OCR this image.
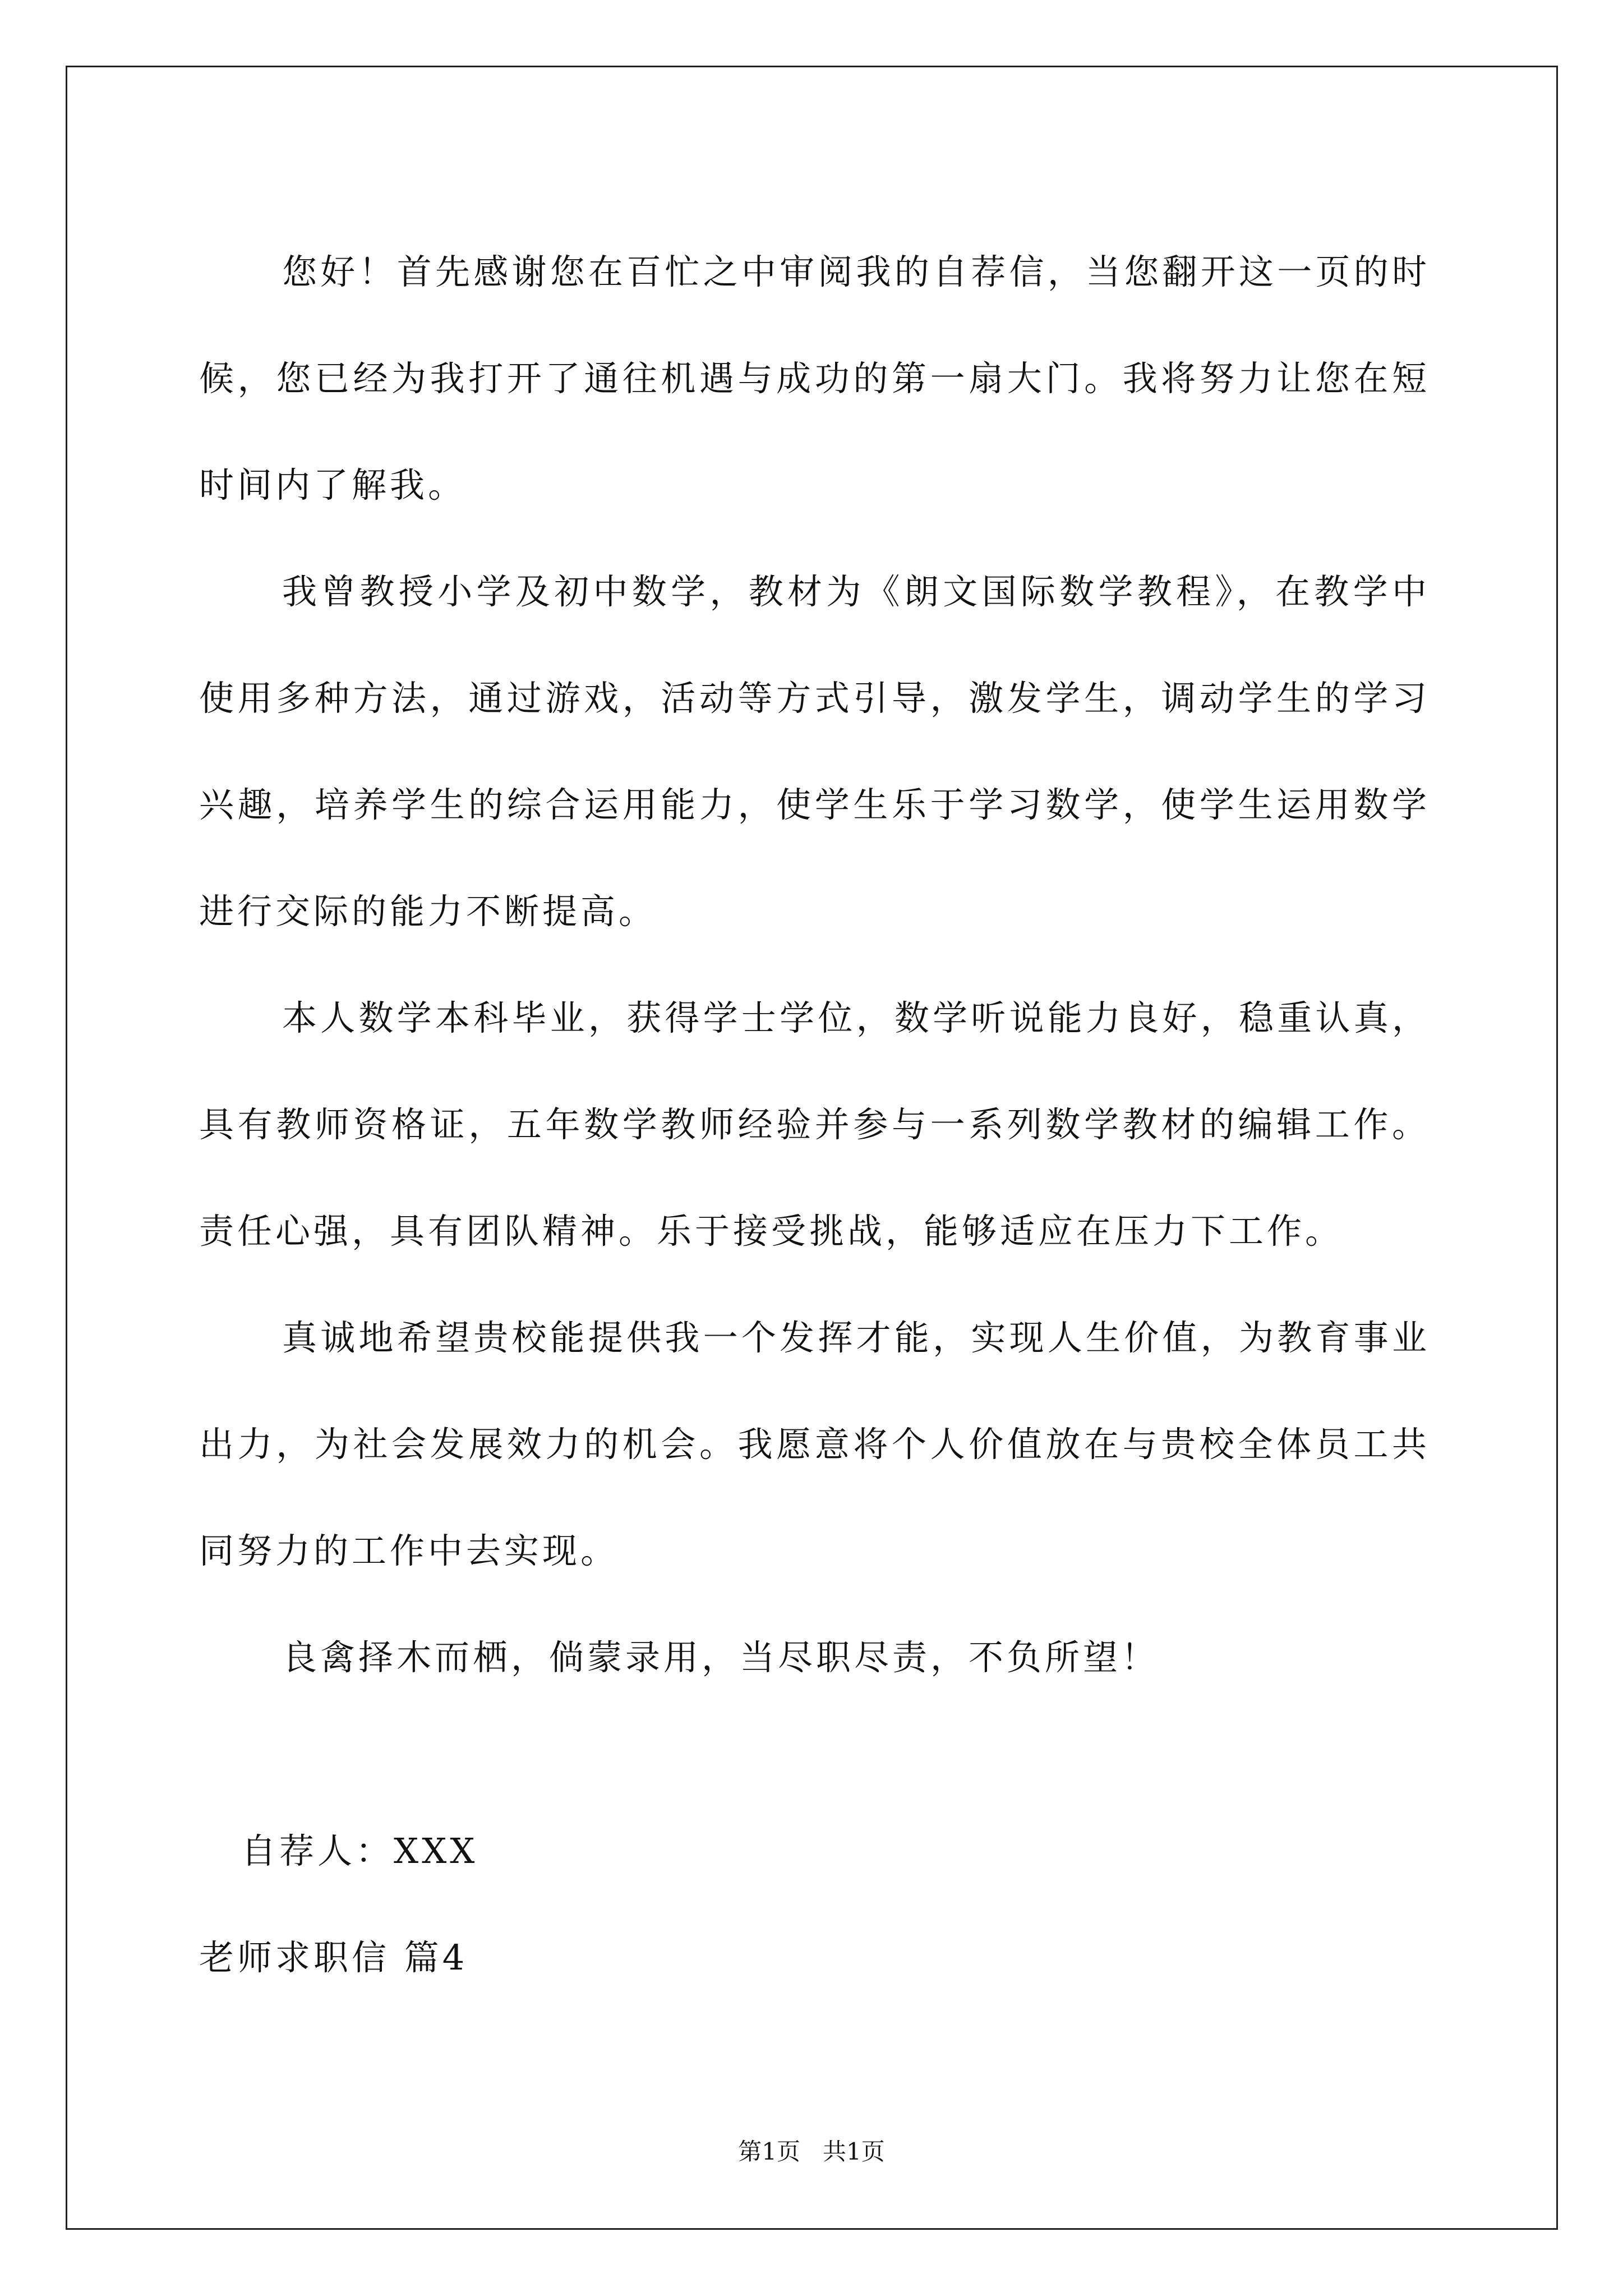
您好！首先感谢您在百忙之中审阅我的自荐信，当您翻开这一页的时候，您已经为我打开了通往机遇与成功的第一扇大门。我将努力让您在短时间内了解我。

我曾教授小学及初中数学，教材为《朗文国际数学教程》，在教学中使用多种方法，通过游戏，活动等方式引导，激发学生，调动学生的学习兴趣，培养学生的综合运用能力，使学生乐于学习数学，使学生运用数学进行交际的能力不断提高。

本人数学本科毕业，获得学士学位，数学听说能力良好，稳重认真，具有教师资格证，五年数学教师经验并参与一系列数学教材的编辑工作。责任心强，具有团队精神。乐于接受挑战，能够适应在压力下工作。

真诚地希望贵校能提供我一个发挥才能，实现人生价值，为教育事业出力，为社会发展效力的机会。我愿意将个人价值放在与贵校全体员工共同努力的工作中去实现。

良禽择木而栖，倘蒙录用，当尽职尽责，不负所望！

自荐人：XXX

老师求职信 篇4
第1页   共1页
